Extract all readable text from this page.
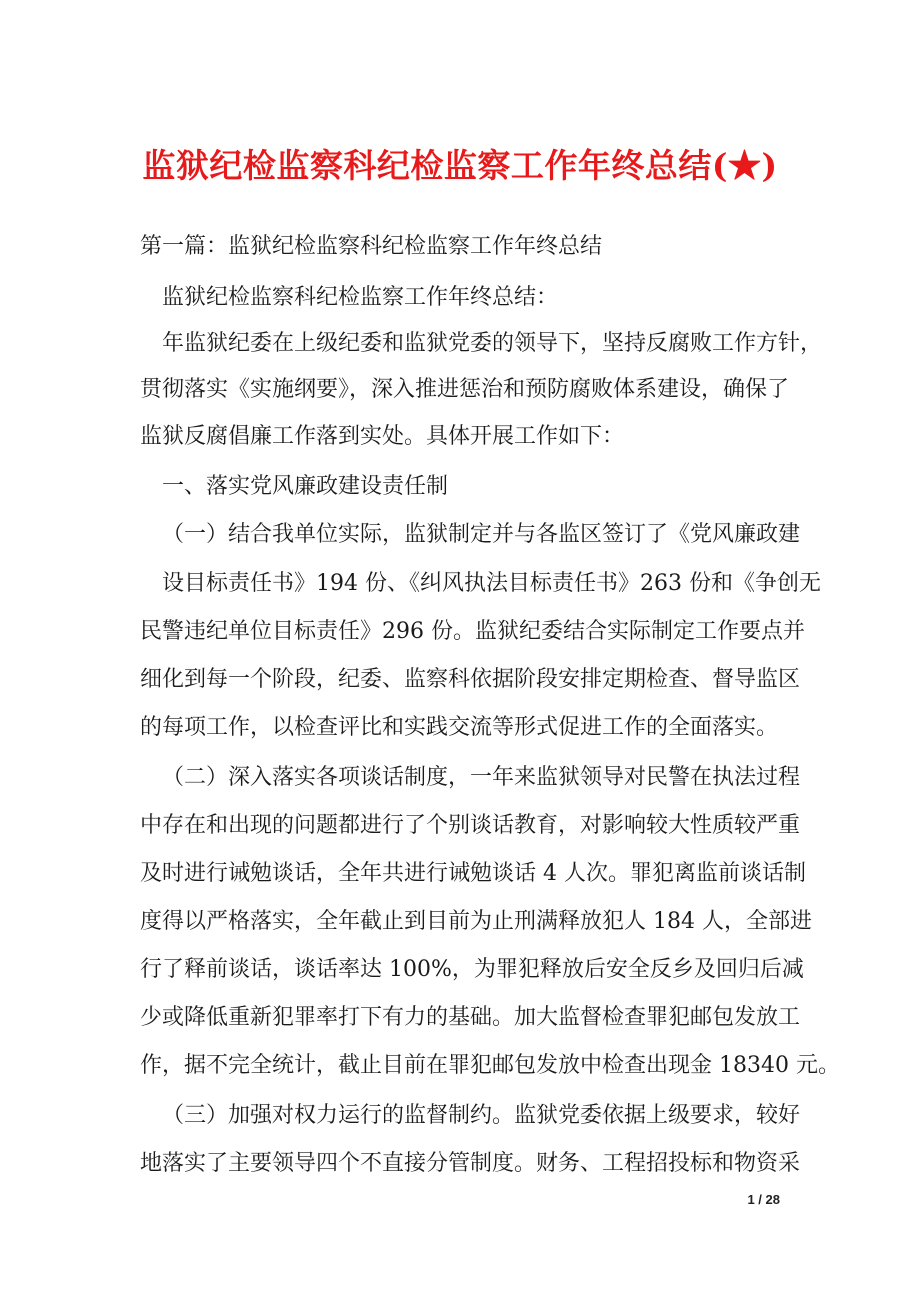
监狱纪检监察科纪检监察工作年终总结(★)
第一篇：监狱纪检监察科纪检监察工作年终总结
监狱纪检监察科纪检监察工作年终总结：
年监狱纪委在上级纪委和监狱党委的领导下，坚持反腐败工作方针，
贯彻落实《实施纲要》，深入推进惩治和预防腐败体系建设，确保了
监狱反腐倡廉工作落到实处。具体开展工作如下：
一、落实党风廉政建设责任制
（一）结合我单位实际，监狱制定并与各监区签订了《党风廉政建
设目标责任书》194 份、《纠风执法目标责任书》263 份和《争创无
民警违纪单位目标责任》296 份。监狱纪委结合实际制定工作要点并
细化到每一个阶段，纪委、监察科依据阶段安排定期检查、督导监区
的每项工作，以检查评比和实践交流等形式促进工作的全面落实。
（二）深入落实各项谈话制度，一年来监狱领导对民警在执法过程
中存在和出现的问题都进行了个别谈话教育，对影响较大性质较严重
及时进行诫勉谈话，全年共进行诫勉谈话 4 人次。罪犯离监前谈话制
度得以严格落实，全年截止到目前为止刑满释放犯人 184 人，全部进
行了释前谈话，谈话率达 100%，为罪犯释放后安全反乡及回归后减
少或降低重新犯罪率打下有力的基础。加大监督检查罪犯邮包发放工
作，据不完全统计，截止目前在罪犯邮包发放中检查出现金 18340 元。
（三）加强对权力运行的监督制约。监狱党委依据上级要求，较好
地落实了主要领导四个不直接分管制度。财务、工程招投标和物资采
1 / 28
